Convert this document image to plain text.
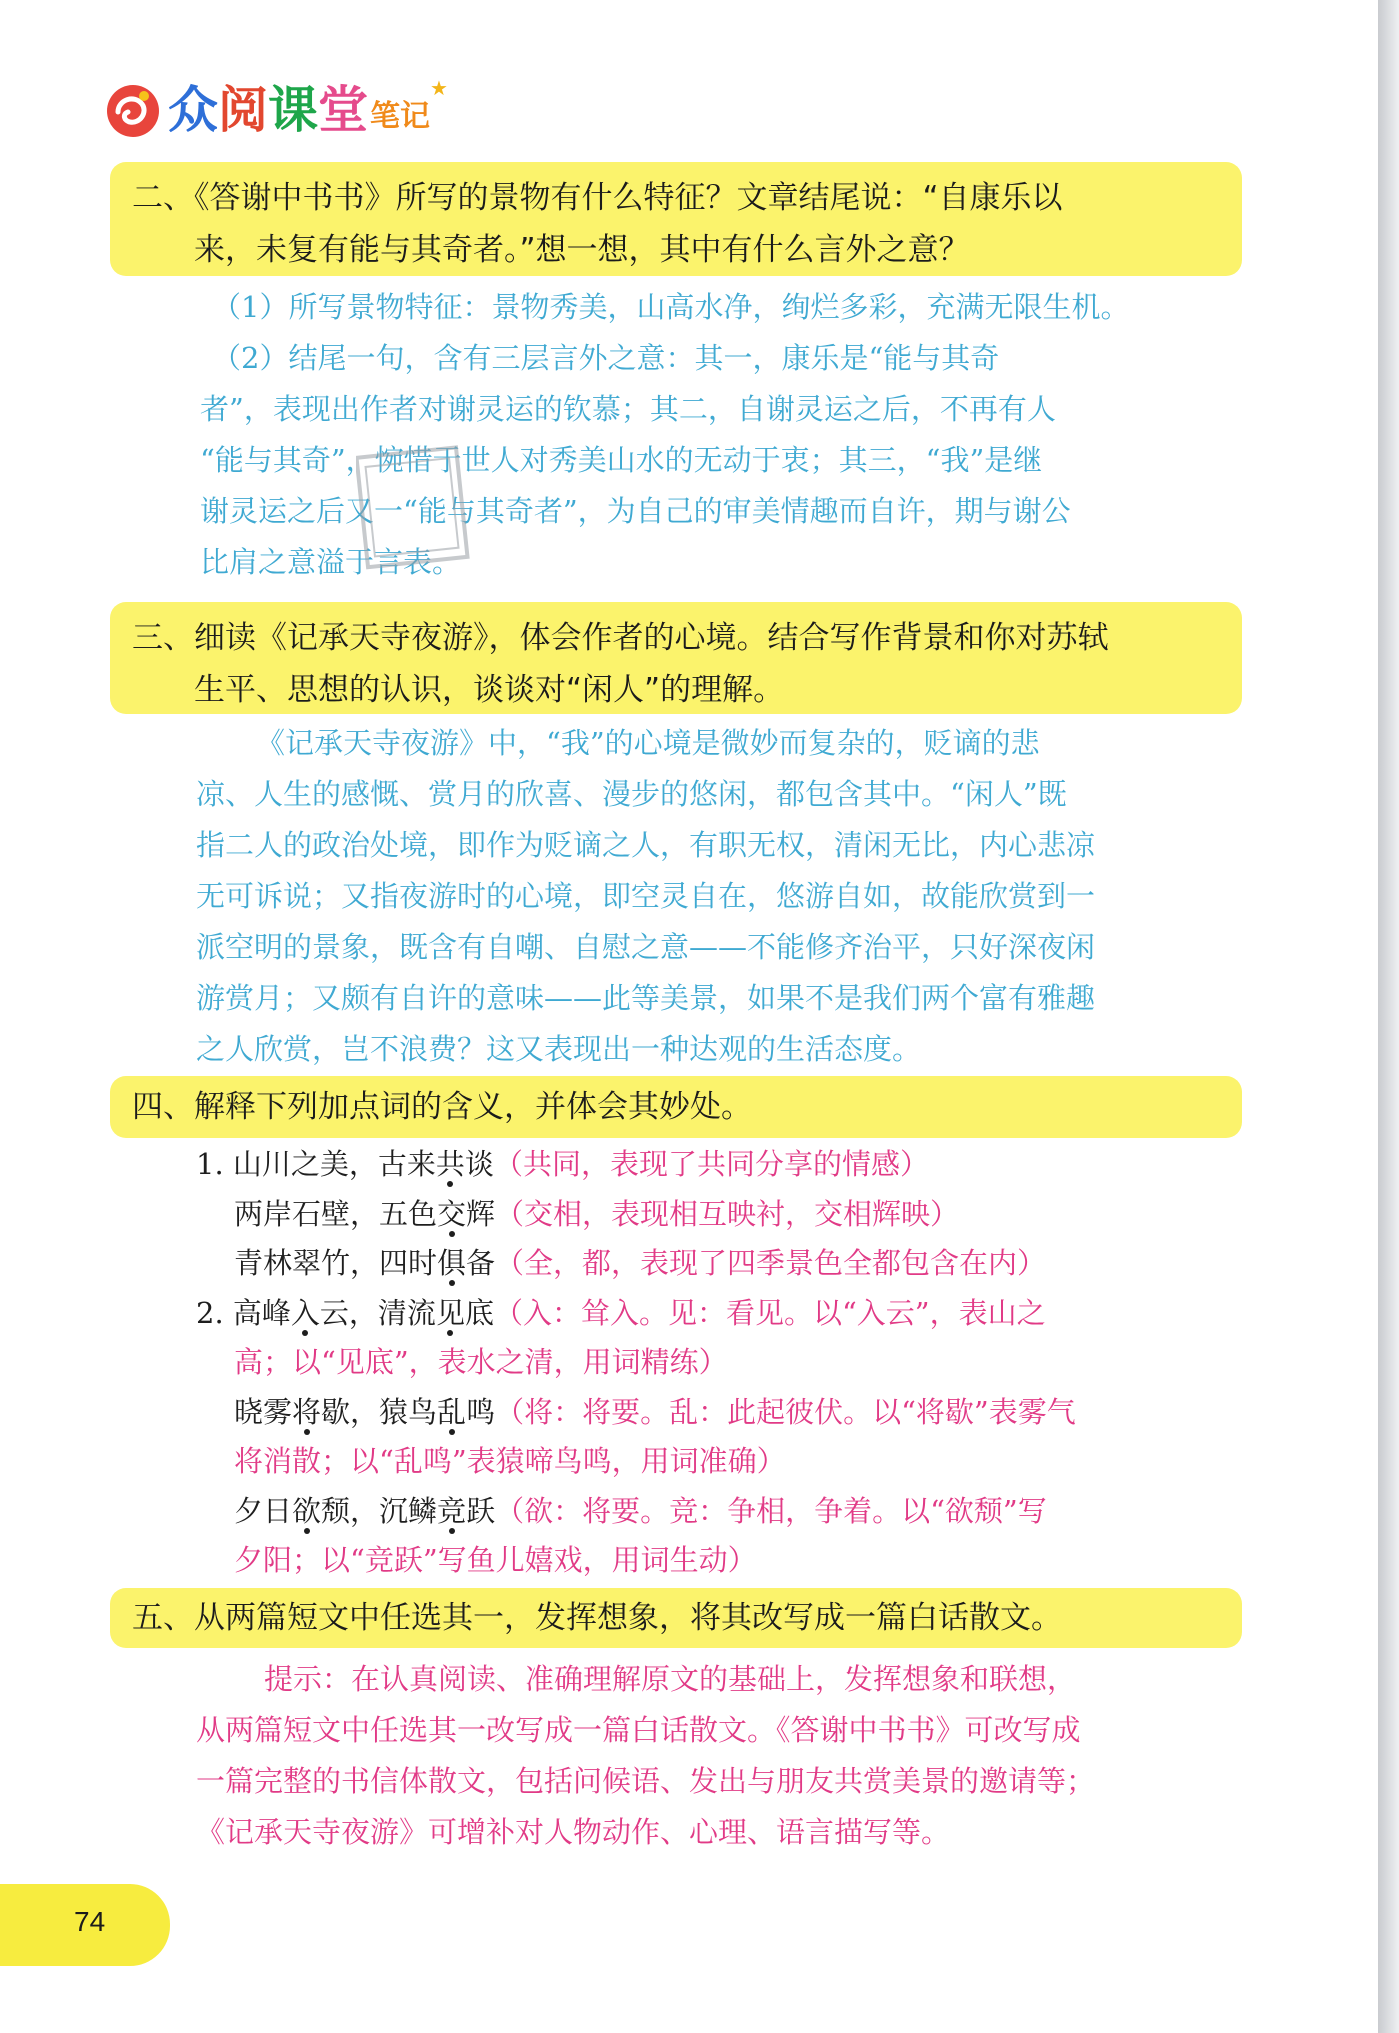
众阅课堂 笔记
★
二、《答谢中书书》所写的景物有什么特征？文章结尾说：“自康乐以
来，未复有能与其奇者。”想一想，其中有什么言外之意？
（1）所写景物特征：景物秀美，山高水净，绚烂多彩，充满无限生机。
（2）结尾一句，含有三层言外之意：其一，康乐是“能与其奇
者”，表现出作者对谢灵运的钦慕；其二，自谢灵运之后，不再有人
“能与其奇”，惋惜于世人对秀美山水的无动于衷；其三，“我”是继
谢灵运之后又一“能与其奇者”，为自己的审美情趣而自许，期与谢公
比肩之意溢于言表。
三、细读《记承天寺夜游》，体会作者的心境。结合写作背景和你对苏轼
生平、思想的认识，谈谈对“闲人”的理解。
《记承天寺夜游》中，“我”的心境是微妙而复杂的，贬谪的悲
凉、人生的感慨、赏月的欣喜、漫步的悠闲，都包含其中。“闲人”既
指二人的政治处境，即作为贬谪之人，有职无权，清闲无比，内心悲凉
无可诉说；又指夜游时的心境，即空灵自在，悠游自如，故能欣赏到一
派空明的景象，既含有自嘲、自慰之意——不能修齐治平，只好深夜闲
游赏月；又颇有自许的意味——此等美景，如果不是我们两个富有雅趣
之人欣赏，岂不浪费？这又表现出一种达观的生活态度。
四、解释下列加点词的含义，并体会其妙处。
1. 山川之美，古来共谈（共同，表现了共同分享的情感）
两岸石壁，五色交辉（交相，表现相互映衬，交相辉映）
青林翠竹，四时俱备（全，都，表现了四季景色全都包含在内）
2. 高峰入云，清流见底（入：耸入。见：看见。以“入云”，表山之
高；以“见底”，表水之清，用词精练）
晓雾将歇，猿鸟乱鸣（将：将要。乱：此起彼伏。以“将歇”表雾气
将消散；以“乱鸣”表猿啼鸟鸣，用词准确）
夕日欲颓，沉鳞竞跃（欲：将要。竞：争相，争着。以“欲颓”写
夕阳；以“竞跃”写鱼儿嬉戏，用词生动）
五、从两篇短文中任选其一，发挥想象，将其改写成一篇白话散文。
提示：在认真阅读、准确理解原文的基础上，发挥想象和联想，
从两篇短文中任选其一改写成一篇白话散文。《答谢中书书》可改写成
一篇完整的书信体散文，包括问候语、发出与朋友共赏美景的邀请等；
《记承天寺夜游》可增补对人物动作、心理、语言描写等。
74
